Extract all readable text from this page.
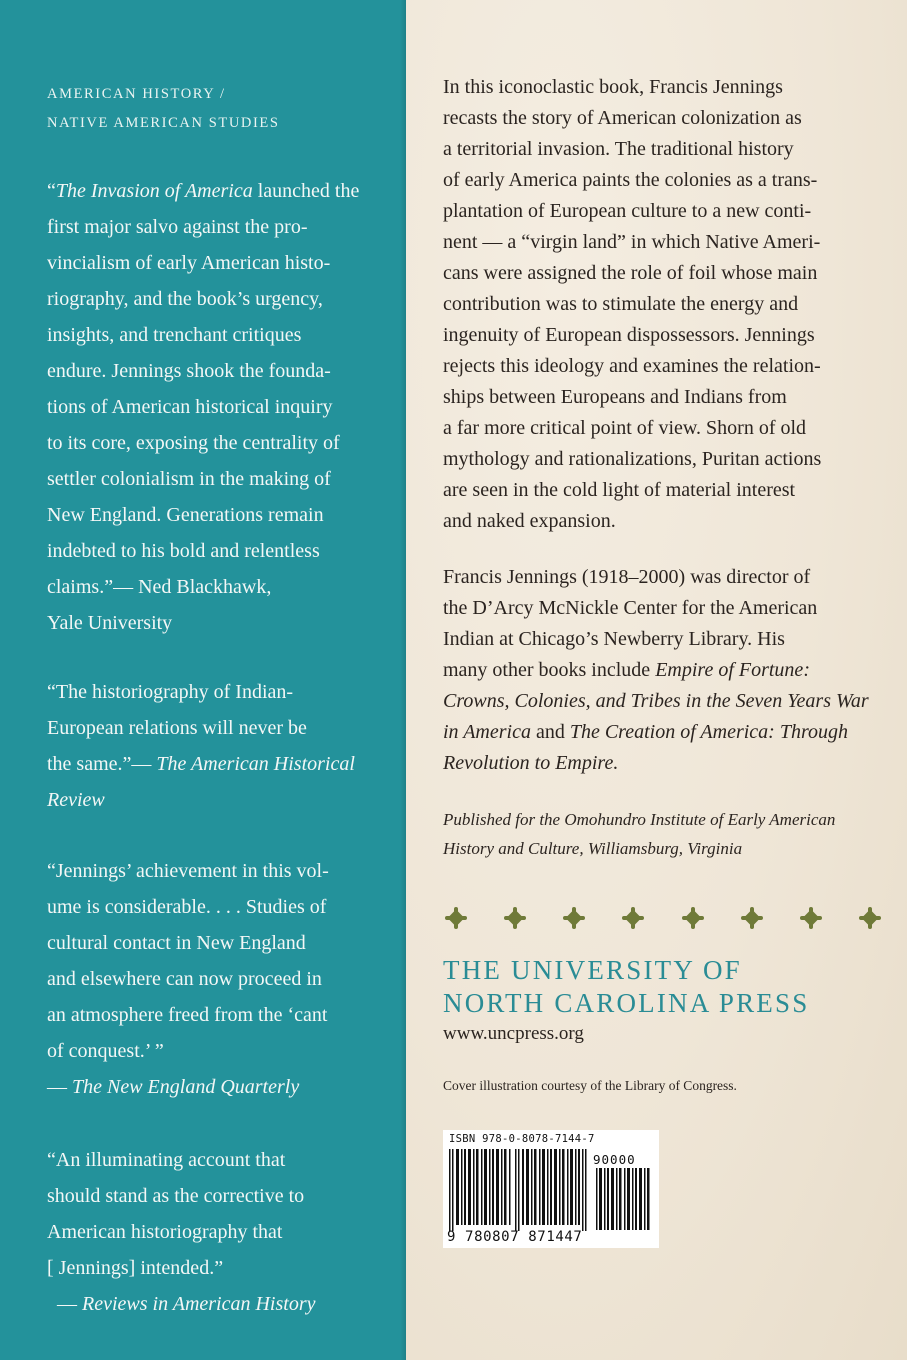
AMERICAN HISTORY /
NATIVE AMERICAN STUDIES
“The Invasion of America launched the
first major salvo against the pro-
vincialism of early American histo-
riography, and the book’s urgency,
insights, and trenchant critiques
endure. Jennings shook the founda-
tions of American historical inquiry
to its core, exposing the centrality of
settler colonialism in the making of
New England. Generations remain
indebted to his bold and relentless
claims.”— Ned Blackhawk,
Yale University
“The historiography of Indian-
European relations will never be
the same.”— The American Historical
Review
“Jennings’ achievement in this vol-
ume is considerable. . . . Studies of
cultural contact in New England
and elsewhere can now proceed in
an atmosphere freed from the ‘cant
of conquest.’ ”
— The New England Quarterly
“An illuminating account that
should stand as the corrective to
American historiography that
[ Jennings] intended.”
— Reviews in American History
In this iconoclastic book, Francis Jennings
recasts the story of American colonization as
a territorial invasion. The traditional history
of early America paints the colonies as a trans-
plantation of European culture to a new conti-
nent — a “virgin land” in which Native Ameri-
cans were assigned the role of foil whose main
contribution was to stimulate the energy and
ingenuity of European dispossessors. Jennings
rejects this ideology and examines the relation-
ships between Europeans and Indians from
a far more critical point of view. Shorn of old
mythology and rationalizations, Puritan actions
are seen in the cold light of material interest
and naked expansion.
Francis Jennings (1918–2000) was director of
the D’Arcy McNickle Center for the American
Indian at Chicago’s Newberry Library. His
many other books include Empire of Fortune:
Crowns, Colonies, and Tribes in the Seven Years War
in America and The Creation of America: Through
Revolution to Empire.
Published for the Omohundro Institute of Early American
History and Culture, Williamsburg, Virginia
THE UNIVERSITY OF
NORTH CAROLINA PRESS
www.uncpress.org
Cover illustration courtesy of the Library of Congress.
ISBN 978-0-8078-7144-7
90000
9 780807 871447
